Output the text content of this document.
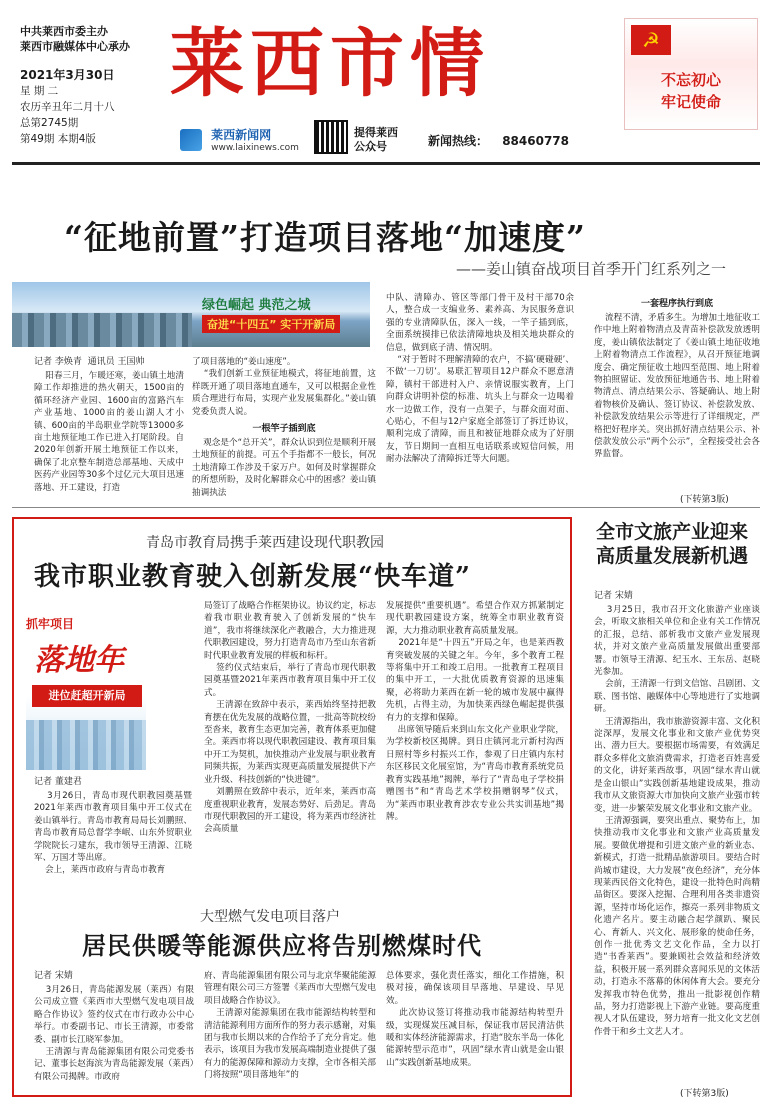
中共莱西市委主办
莱西市融媒体中心承办
2021年3月30日
星 期 二
农历辛丑年二月十八
总第2745期
第49期 本期4版
莱西市情

莱西新闻网
www.laixinews.com
提得莱西
公众号	新闻热线： 88460778
☭
不忘初心
牢记使命
“征地前置”打造项目落地“加速度”
——姜山镇奋战项目首季开门红系列之一
绿色崛起 典范之城
奋进“十四五” 实干开新局
记者 李焕青  通讯员 王国帅
阳春三月，乍暖还寒，姜山镇土地清障工作却推进的热火朝天，1500亩的循环经济产业园、1600亩的富路汽车产业基地、1000亩的姜山湖人才小镇、600亩的半岛职业学院等13000多亩土地预征地工作已进入打尾阶段。自2020年创新开展土地预征工作以来，确保了北京整车制造总部基地、天成中医药产业园等30多个过亿元大项目迅速落地、开工建设，打造
了项目落地的“姜山速度”。
“我们创新工业预征地模式，将征地前置，这样既开通了项目落地直通车，又可以根据企业性质合理进行布局，实现产业发展集群化。”姜山镇党委负责人说。
一根竿子插到底
观念是个“总开关”，群众认识到位是顺利开展土地预征的前提。可五个手指都不一般长，何况土地清障工作涉及千家万户。如何及时掌握群众的所想所盼，及时化解群众心中的困惑？姜山镇抽调执法
中队、清障办、管区等部门骨干及村干部70余人，整合成一支编业务、素养高、为民服务意识强的专业清障队伍，深入一线，一竿子插到底，全面系统摸排已依法清障地块及相关地块群众的信息，做到底子清、情况明。
“对于暂时不理解清障的农户，不搞‘硬碰硬’、不做‘一刀切’。易联汇智项目12户群众不愿意清障，镇村干部进村入户、亲情说服实教育，上门向群众讲明补偿的标准、坑头上与群众一边喝着水一边做工作，没有一点架子，与群众面对面、心贴心，不但与12户家庭全部签订了拆迁协议，顺利完成了清障，而且和被征地群众成为了好朋友，节日期间一直相互电话联系或短信问候，用耐办法解决了清障拆迁等大问题。
一套程序执行到底
流程不清，矛盾多生。为增加土地征收工作中地上附着物清点及青苗补偿款发放透明度，姜山镇依法制定了《姜山镇土地征收地上附着物清点工作流程》，从召开预征地调度会、确定预征收土地四至范围、地上附着物拍照留证、发放预征地通告书、地上附着物清点、清点结果公示、答疑确认、地上附着物核价及确认、签订协议、补偿款发放、补偿款发放结果公示等进行了详细规定，严格把好程序关。突出抓好清点结果公示、补偿款发放公示“两个公示”，全程接受社会各界监督。
(下转第3版)
青岛市教育局携手莱西建设现代职教园
我市职业教育驶入创新发展“快车道”
抓牢项目
落地年
进位赶超开新局
记者 董建君
3月26日，青岛市现代职教园奠基暨2021年莱西市教育项目集中开工仪式在姜山镇举行。青岛市教育局局长刘鹏照、青岛市教育局总督学李岷、山东外贸职业学院院长刁建东，我市领导王清源、江晓军、万国才等出席。
会上，莱西市政府与青岛市教育
局签订了战略合作框架协议。协议约定，标志着我市职业教育驶入了创新发展的“快车道”，我市将继续深化产教融合，大力推进现代职教园建设，努力打造青岛市乃至山东省新时代职业教育发展的样板和标杆。
签约仪式结束后，举行了青岛市现代职教园奠基暨2021年莱西市教育项目集中开工仪式。
王清源在致辞中表示，莱西始终坚持把教育摆在优先发展的战略位置，一批高等院校纷至沓来，教育生态更加完善，教育体系更加健全。莱西市将以现代职教园建设、教育项目集中开工为契机，加快推动产业发展与职业教育同频共振，为莱西实现更高质量发展提供下产业升级、科技创新的“快进键”。
刘鹏照在致辞中表示，近年来，莱西市高度重视职业教育，发展态势好、后劲足。青岛市现代职教园的开工建设，将为莱西市经济社会高质量
发展提供“重要机遇”。希望合作双方抓紧制定现代职教园建设方案，统筹全市职业教育资源，大力推动职业教育高质量发展。
2021年是“十四五”开局之年，也是莱西教育突破发展的关键之年。今年，多个教育工程等将集中开工和竣工启用。一批教育工程项目的集中开工，一大批优质教育资源的迅速集聚，必将助力莱西在新一轮的城市发展中赢得先机，占得主动，为加快莱西绿色崛起提供强有力的支撑和保障。
出席领导随后来到山东文化产业职业学院，为学校新校区揭牌。到日庄镇河北亓新村沟西日照村等乡村振兴工作，参观了日庄镇内东村东区移民文化展室馆，为“青岛市教育系统党员教育实践基地”揭牌，举行了“青岛电子学校捐赠图书”和“青岛艺术学校捐赠钢琴”仪式，为“莱西市职业教育涉农专业公共实训基地”揭牌。
大型燃气发电项目落户
居民供暖等能源供应将告别燃煤时代
记者 宋婧
3月26日，青岛能源发展（莱西）有限公司成立暨《莱西市大型燃气发电项目战略合作协议》签约仪式在市行政办公中心举行。市委副书记、市长王清源，市委常委、副市长江晓军参加。
王清源与青岛能源集团有限公司党委书记、董事长赵海滨为青岛能源发展（莱西）有限公司揭牌。市政府
府、青岛能源集团有限公司与北京华聚能能源管理有限公司三方签署《莱西市大型燃气发电项目战略合作协议》。
王清源对能源集团在我市能源结构转型和清洁能源利用方面所作的努力表示感谢，对集团与我市长期以来的合作给予了充分肯定。他表示，该项目为我市发展高端制造业提供了强有力的能源保障和源动力支撑，全市各相关部门将按照“项目落地年”的
总体要求，强化责任落实，细化工作措施，积极对接，确保该项目早落地、早建设、早见效。
此次协议签订将推动我市能源结构转型升级，实现煤炭压减目标，保证我市居民清洁供暖和实体经济能源需求，打造“胶东半岛一体化能源转型示范市”，巩固“绿水青山就是金山银山”实践创新基地成果。
全市文旅产业迎来
高质量发展新机遇
记者 宋婧
3月25日，我市召开文化旅游产业座谈会，听取文旅相关单位和企业有关工作情况的汇报，总结、部析我市文旅产业发展现状，并对文旅产业高质量发展做出重要部署。市领导王清源、纪玉水、王东岳、赵晓光参加。
会前，王清源一行到文信馆、吕剧团、文联、图书馆、融媒体中心等地进行了实地调研。
王清源指出，我市旅游资源丰富、文化积淀深厚，发展文化事业和文旅产业优势突出、潜力巨大。要根据市场需要，有效满足群众多样化文旅消费需求，打造老百姓喜爱的文化，讲好莱西故事，巩固“绿水青山就是金山银山”实践创新基地建设成果，推动我市从文旅资源大市加快向文旅产业强市转变，进一步繁荣发展文化事业和文旅产业。
王清源强调，要突出重点、聚势布上，加快推动我市文化事业和文旅产业高质量发展。要做优增提和引进文旅产业的新业态、新模式，打造一批精品旅游项目。要结合时尚城市建设，大力发展“夜色经济”，充分体现莱西民俗文化特色，建设一批特色时尚精品街区。要深入挖掘、合理利用各类非遗资源，坚持市场化运作，擦亮一系列非物质文化遗产名片。要主动融合起学颜趴、聚民心、育新人、兴文化、展形象的使命任务，创作一批优秀文艺文化作品，全力以打造“书香莱西”。要兼顾社会效益和经济效益，积极开展一系列群众喜闻乐见的文体活动，打造永不落幕的休闲体育大会。要充分发挥我市特色优势，推出一批影视创作精品，努力打造影视上下游产业链。要高度重视人才队伍建设，努力培育一批文化文艺创作骨干和乡土文艺人才。
(下转第3版)
